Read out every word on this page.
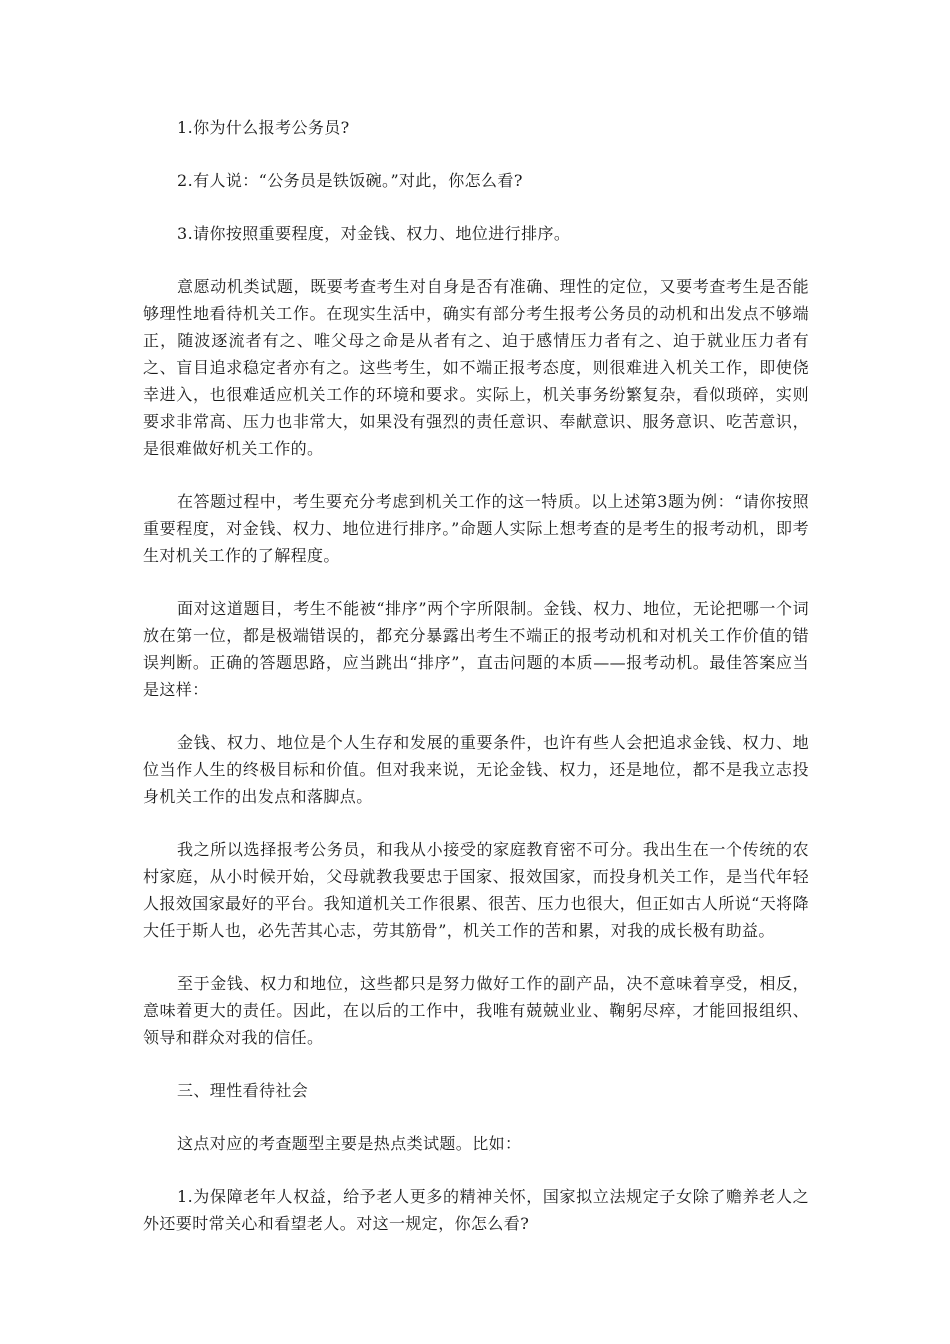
1.你为什么报考公务员?

2.有人说：“公务员是铁饭碗。”对此，你怎么看?

3.请你按照重要程度，对金钱、权力、地位进行排序。

意愿动机类试题，既要考查考生对自身是否有准确、理性的定位，又要考查考生是否能够理性地看待机关工作。在现实生活中，确实有部分考生报考公务员的动机和出发点不够端正，随波逐流者有之、唯父母之命是从者有之、迫于感情压力者有之、迫于就业压力者有之、盲目追求稳定者亦有之。这些考生，如不端正报考态度，则很难进入机关工作，即使侥幸进入，也很难适应机关工作的环境和要求。实际上，机关事务纷繁复杂，看似琐碎，实则要求非常高、压力也非常大，如果没有强烈的责任意识、奉献意识、服务意识、吃苦意识，是很难做好机关工作的。

在答题过程中，考生要充分考虑到机关工作的这一特质。以上述第3题为例：“请你按照重要程度，对金钱、权力、地位进行排序。”命题人实际上想考查的是考生的报考动机，即考生对机关工作的了解程度。

面对这道题目，考生不能被“排序”两个字所限制。金钱、权力、地位，无论把哪一个词放在第一位，都是极端错误的，都充分暴露出考生不端正的报考动机和对机关工作价值的错误判断。正确的答题思路，应当跳出“排序”，直击问题的本质——报考动机。最佳答案应当是这样：

金钱、权力、地位是个人生存和发展的重要条件，也许有些人会把追求金钱、权力、地位当作人生的终极目标和价值。但对我来说，无论金钱、权力，还是地位，都不是我立志投身机关工作的出发点和落脚点。

我之所以选择报考公务员，和我从小接受的家庭教育密不可分。我出生在一个传统的农村家庭，从小时候开始，父母就教我要忠于国家、报效国家，而投身机关工作，是当代年轻人报效国家最好的平台。我知道机关工作很累、很苦、压力也很大，但正如古人所说“天将降大任于斯人也，必先苦其心志，劳其筋骨”，机关工作的苦和累，对我的成长极有助益。

至于金钱、权力和地位，这些都只是努力做好工作的副产品，决不意味着享受，相反，意味着更大的责任。因此，在以后的工作中，我唯有兢兢业业、鞠躬尽瘁，才能回报组织、领导和群众对我的信任。

三、理性看待社会

这点对应的考查题型主要是热点类试题。比如：

1.为保障老年人权益，给予老人更多的精神关怀，国家拟立法规定子女除了赡养老人之外还要时常关心和看望老人。对这一规定，你怎么看?
